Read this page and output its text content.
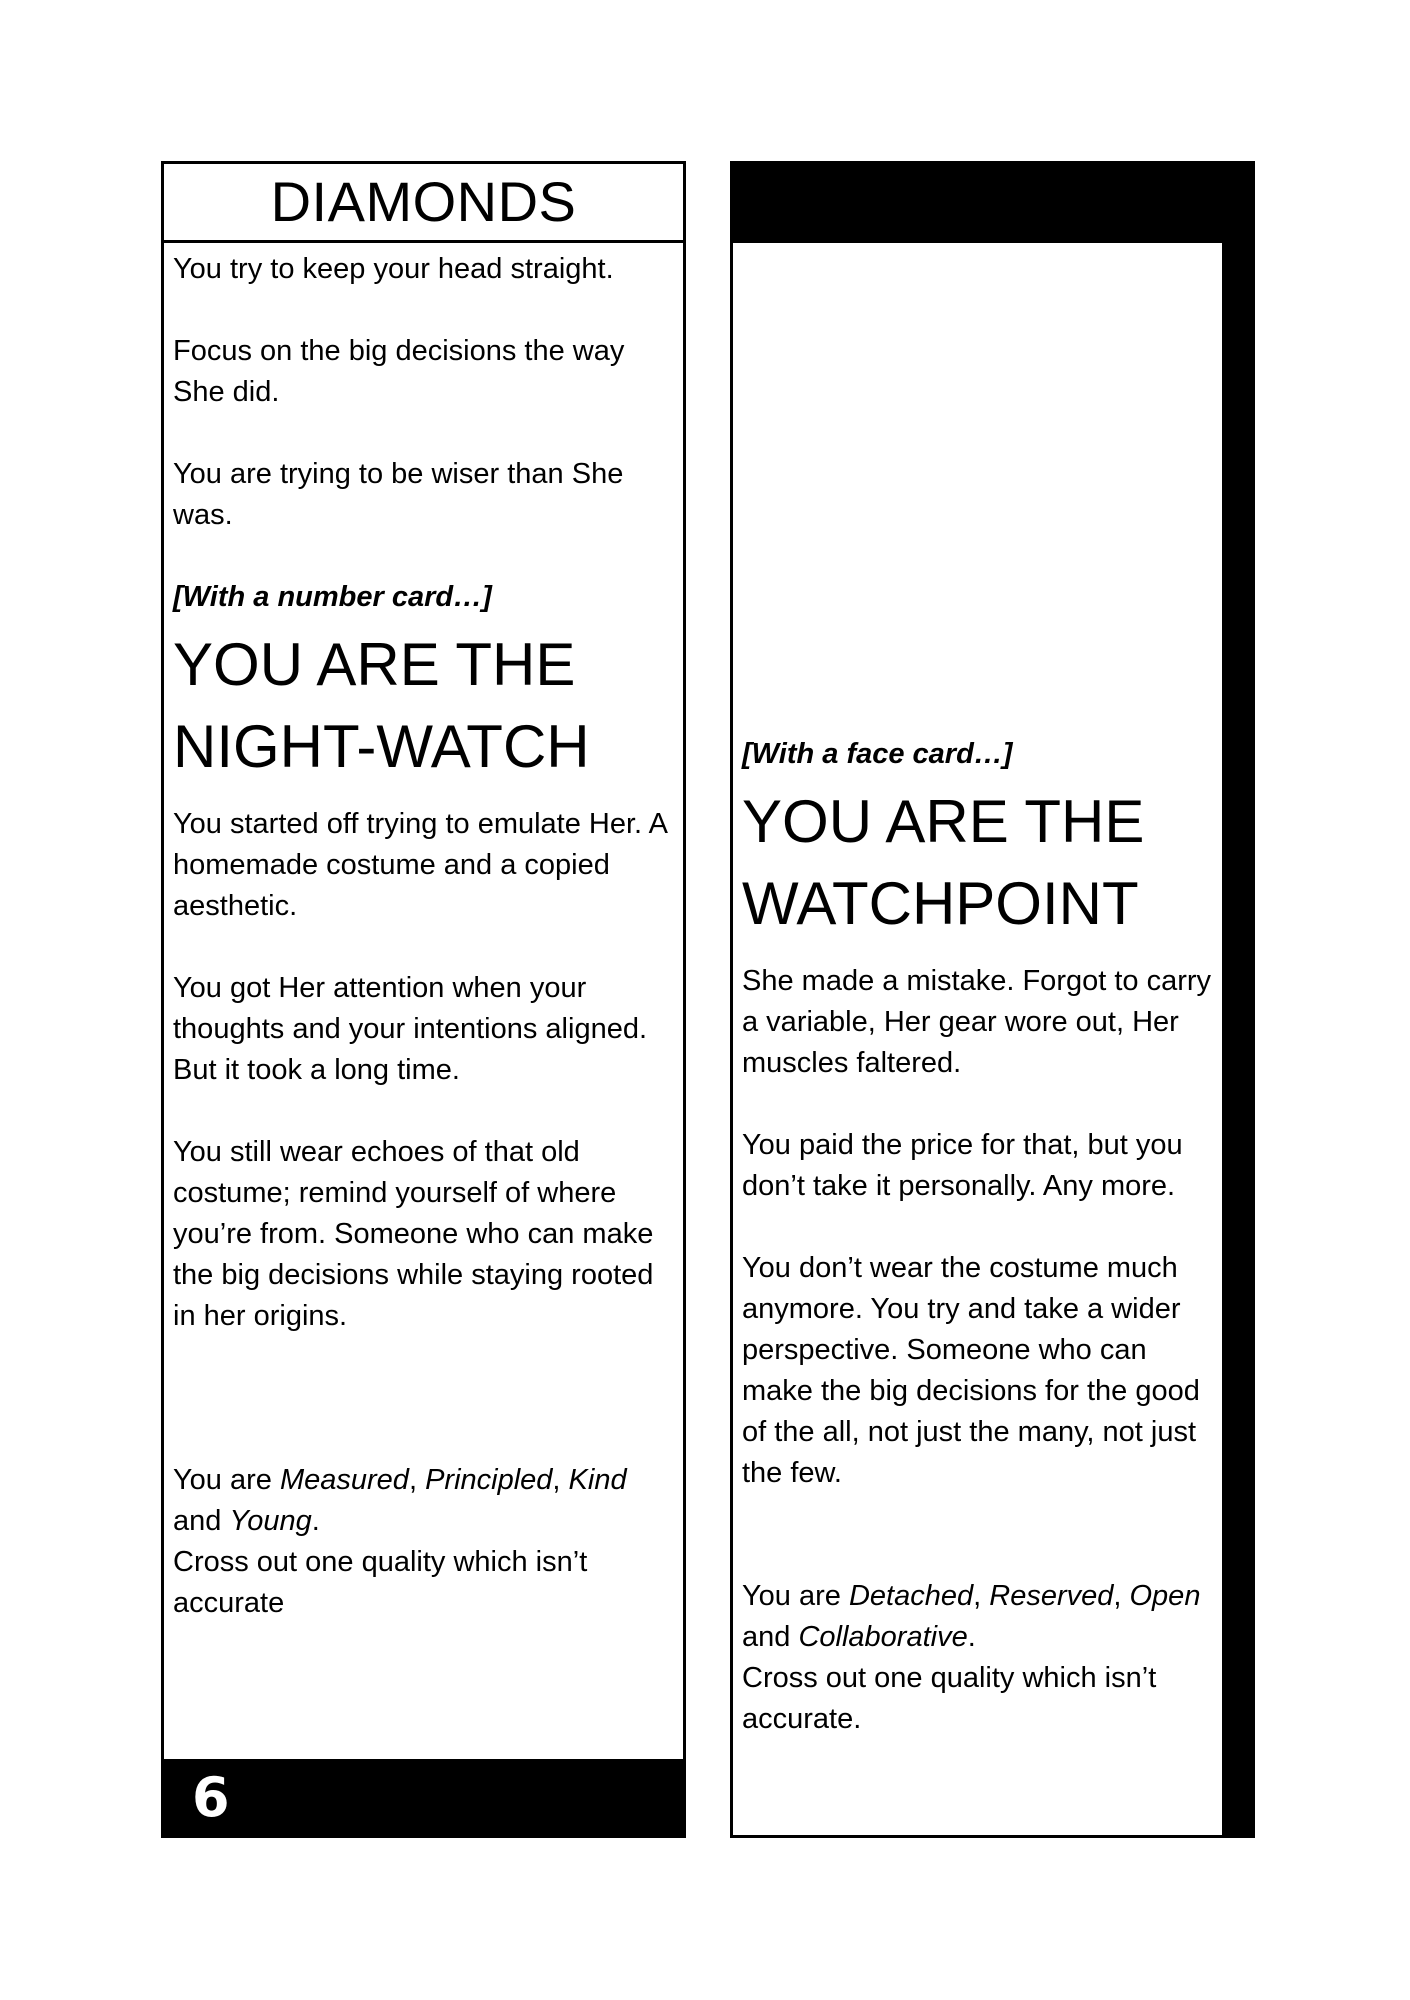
DIAMONDS

You try to keep your head straight.

Focus on the big decisions the way She did.

You are trying to be wiser than She was.

[With a number card…]

YOU ARE THE
NIGHT-WATCH

You started off trying to emulate Her. A homemade costume and a copied aesthetic.

You got Her attention when your thoughts and your intentions aligned. But it took a long time.

You still wear echoes of that old costume; remind yourself of where you’re from. Someone who can make the big decisions while staying rooted in her origins.

You are Measured, Principled, Kind and Young.

Cross out one quality which isn’t accurate

6

[With a face card…]

YOU ARE THE
WATCHPOINT

She made a mistake. Forgot to carry a variable, Her gear wore out, Her muscles faltered.

You paid the price for that, but you don’t take it personally. Any more.

You don’t wear the costume much anymore. You try and take a wider perspective. Someone who can make the big decisions for the good of the all, not just the many, not just the few.

You are Detached, Reserved, Open and Collaborative.

Cross out one quality which isn’t accurate.
